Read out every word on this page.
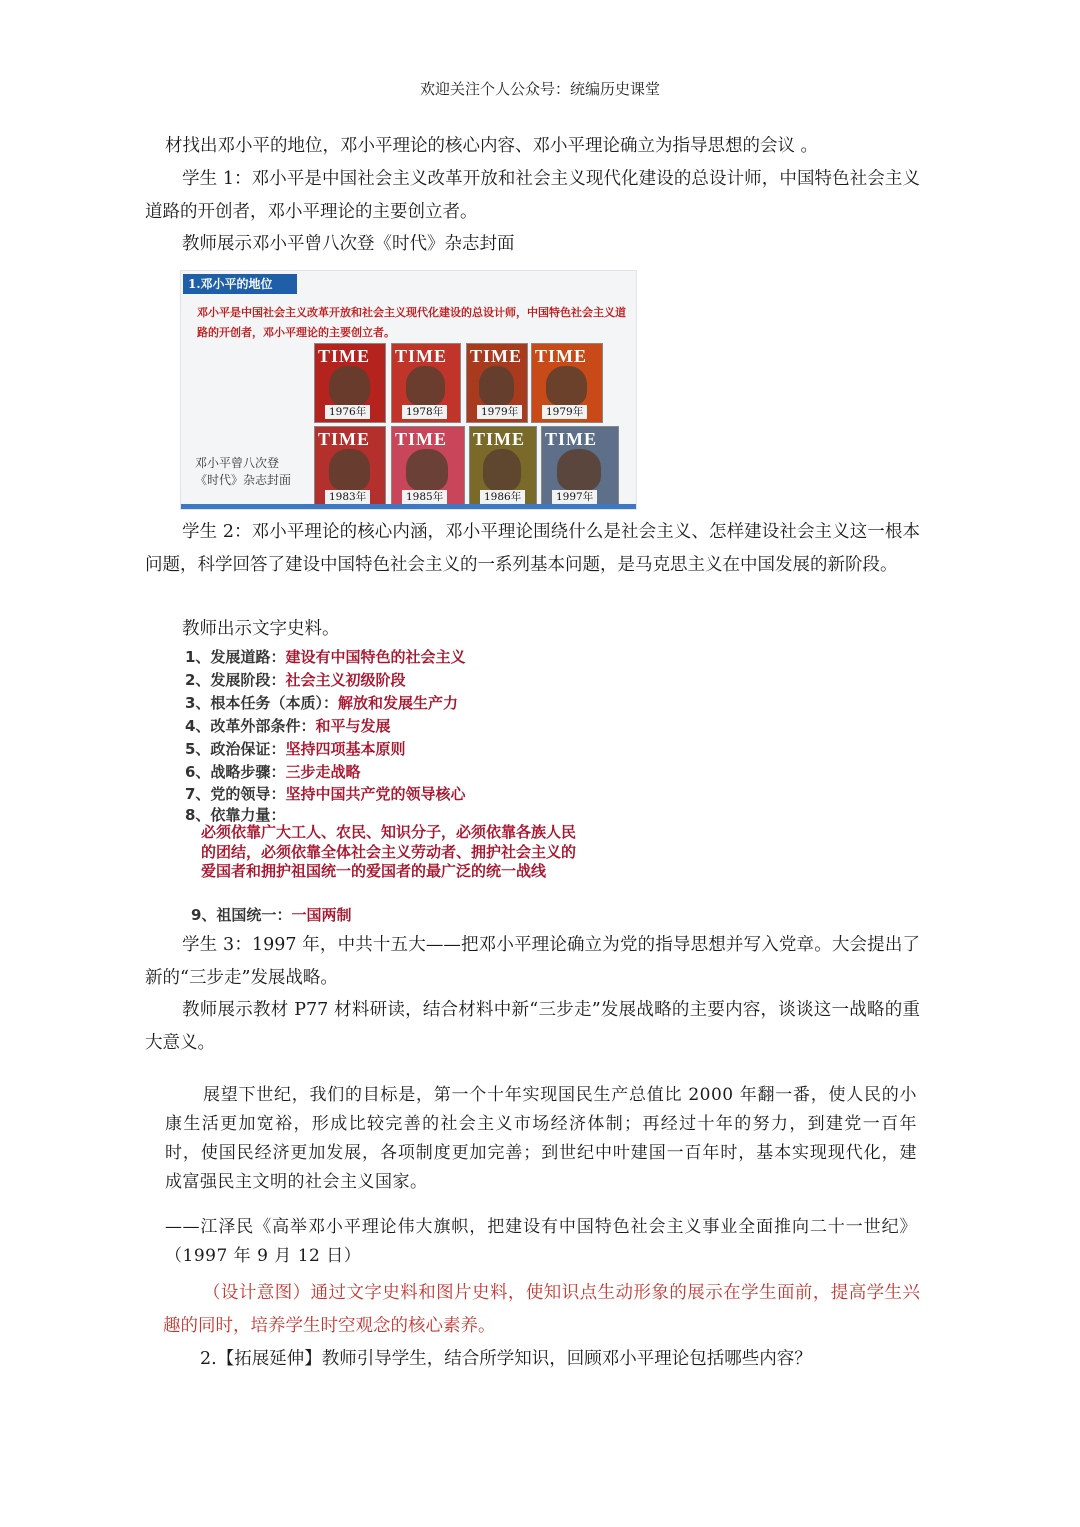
欢迎关注个人公众号：统编历史课堂

材找出邓小平的地位，邓小平理论的核心内容、邓小平理论确立为指导思想的会议 。

学生 1：邓小平是中国社会主义改革开放和社会主义现代化建设的总设计师，中国特色社会主义道路的开创者，邓小平理论的主要创立者。

教师展示邓小平曾八次登《时代》杂志封面

1.邓小平的地位
邓小平是中国社会主义改革开放和社会主义现代化建设的总设计师，中国特色社会主义道路的开创者，邓小平理论的主要创立者。
邓小平曾八次登
《时代》杂志封面
TIME
1976年
TIME
1978年
TIME
1979年
TIME
1979年
TIME
1983年
TIME
1985年
TIME
1986年
TIME
1997年

学生 2：邓小平理论的核心内涵，邓小平理论围绕什么是社会主义、怎样建设社会主义这一根本问题，科学回答了建设中国特色社会主义的一系列基本问题，是马克思主义在中国发展的新阶段。

教师出示文字史料。

1、发展道路：建设有中国特色的社会主义
2、发展阶段：社会主义初级阶段
3、根本任务（本质）：解放和发展生产力
4、改革外部条件：和平与发展
5、政治保证：坚持四项基本原则
6、战略步骤：三步走战略
7、党的领导：坚持中国共产党的领导核心
8、依靠力量：
必须依靠广大工人、农民、知识分子，必须依靠各族人民的团结，必须依靠全体社会主义劳动者、拥护社会主义的爱国者和拥护祖国统一的爱国者的最广泛的统一战线
9、祖国统一：一国两制

学生 3：1997 年，中共十五大——把邓小平理论确立为党的指导思想并写入党章。大会提出了新的“三步走”发展战略。

教师展示教材 P77 材料研读，结合材料中新“三步走”发展战略的主要内容，谈谈这一战略的重大意义。

展望下世纪，我们的目标是，第一个十年实现国民生产总值比 2000 年翻一番，使人民的小康生活更加宽裕，形成比较完善的社会主义市场经济体制；再经过十年的努力，到建党一百年时，使国民经济更加发展，各项制度更加完善；到世纪中叶建国一百年时，基本实现现代化，建成富强民主文明的社会主义国家。

——江泽民《高举邓小平理论伟大旗帜，把建设有中国特色社会主义事业全面推向二十一世纪》（1997 年 9 月 12 日）

（设计意图）通过文字史料和图片史料，使知识点生动形象的展示在学生面前，提高学生兴趣的同时，培养学生时空观念的核心素养。

2.【拓展延伸】教师引导学生，结合所学知识，回顾邓小平理论包括哪些内容？
